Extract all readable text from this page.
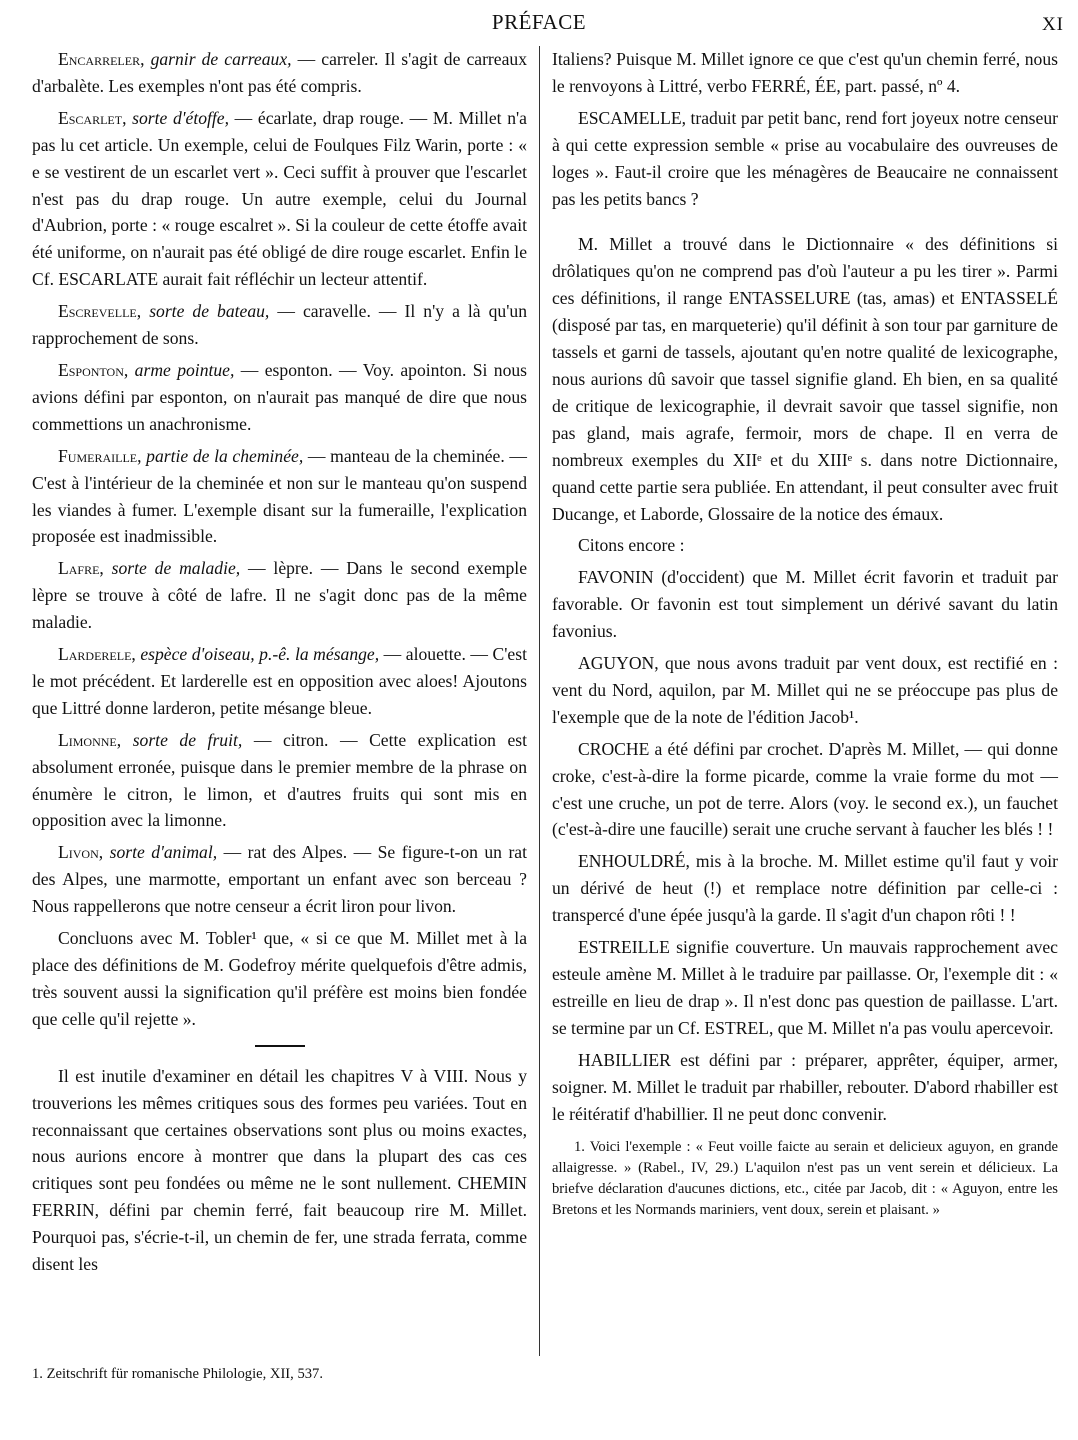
PRÉFACE	XI

Encarreler, garnir de carreaux, — carreler. Il s'agit de carreaux d'arbalète. Les exemples n'ont pas été compris.

Escarlet, sorte d'étoffe, — écarlate, drap rouge. — M. Millet n'a pas lu cet article. Un exemple, celui de Foulques Filz Warin, porte : « e se vestirent de un escarlet vert ». Ceci suffit à prouver que l'escarlet n'est pas du drap rouge. Un autre exemple, celui du Journal d'Aubrion, porte : « rouge escalret ». Si la couleur de cette étoffe avait été uniforme, on n'aurait pas été obligé de dire rouge escarlet. Enfin le Cf. ESCARLATE aurait fait réfléchir un lecteur attentif.

Escrevelle, sorte de bateau, — caravelle. — Il n'y a là qu'un rapprochement de sons.

Esponton, arme pointue, — esponton. — Voy. apointon. Si nous avions défini par esponton, on n'aurait pas manqué de dire que nous commettions un anachronisme.

Fumeraille, partie de la cheminée, — manteau de la cheminée. — C'est à l'intérieur de la cheminée et non sur le manteau qu'on suspend les viandes à fumer. L'exemple disant sur la fumeraille, l'explication proposée est inadmissible.

Lafre, sorte de maladie, — lèpre. — Dans le second exemple lèpre se trouve à côté de lafre. Il ne s'agit donc pas de la même maladie.

Larderele, espèce d'oiseau, p.-ê. la mésange, — alouette. — C'est le mot précédent. Et larderelle est en opposition avec aloes! Ajoutons que Littré donne larderon, petite mésange bleue.

Limonne, sorte de fruit, — citron. — Cette explication est absolument erronée, puisque dans le premier membre de la phrase on énumère le citron, le limon, et d'autres fruits qui sont mis en opposition avec la limonne.

Livon, sorte d'animal, — rat des Alpes. — Se figure-t-on un rat des Alpes, une marmotte, emportant un enfant avec son berceau ? Nous rappellerons que notre censeur a écrit liron pour livon.

Concluons avec M. Tobler¹ que, « si ce que M. Millet met à la place des définitions de M. Godefroy mérite quelquefois d'être admis, très souvent aussi la signification qu'il préfère est moins bien fondée que celle qu'il rejette ».

Il est inutile d'examiner en détail les chapitres V à VIII. Nous y trouverions les mêmes critiques sous des formes peu variées. Tout en reconnaissant que certaines observations sont plus ou moins exactes, nous aurions encore à montrer que dans la plupart des cas ces critiques sont peu fondées ou même ne le sont nullement. CHEMIN FERRIN, défini par chemin ferré, fait beaucoup rire M. Millet. Pourquoi pas, s'écrie-t-il, un chemin de fer, une strada ferrata, comme disent les

1. Zeitschrift für romanische Philologie, XII, 537.

Italiens? Puisque M. Millet ignore ce que c'est qu'un chemin ferré, nous le renvoyons à Littré, verbo FERRÉ, ÉE, part. passé, nº 4.

ESCAMELLE, traduit par petit banc, rend fort joyeux notre censeur à qui cette expression semble « prise au vocabulaire des ouvreuses de loges ». Faut-il croire que les ménagères de Beaucaire ne connaissent pas les petits bancs ?

M. Millet a trouvé dans le Dictionnaire « des définitions si drôlatiques qu'on ne comprend pas d'où l'auteur a pu les tirer ». Parmi ces définitions, il range ENTASSELURE (tas, amas) et ENTASSELÉ (disposé par tas, en marqueterie) qu'il définit à son tour par garniture de tassels et garni de tassels, ajoutant qu'en notre qualité de lexicographe, nous aurions dû savoir que tassel signifie gland. Eh bien, en sa qualité de critique de lexicographie, il devrait savoir que tassel signifie, non pas gland, mais agrafe, fermoir, mors de chape. Il en verra de nombreux exemples du XIIᵉ et du XIIIᵉ s. dans notre Dictionnaire, quand cette partie sera publiée. En attendant, il peut consulter avec fruit Ducange, et Laborde, Glossaire de la notice des émaux.

Citons encore :

FAVONIN (d'occident) que M. Millet écrit favorin et traduit par favorable. Or favonin est tout simplement un dérivé savant du latin favonius.

AGUYON, que nous avons traduit par vent doux, est rectifié en : vent du Nord, aquilon, par M. Millet qui ne se préoccupe pas plus de l'exemple que de la note de l'édition Jacob¹.

CROCHE a été défini par crochet. D'après M. Millet, — qui donne croke, c'est-à-dire la forme picarde, comme la vraie forme du mot — c'est une cruche, un pot de terre. Alors (voy. le second ex.), un fauchet (c'est-à-dire une faucille) serait une cruche servant à faucher les blés ! !

ENHOULDRÉ, mis à la broche. M. Millet estime qu'il faut y voir un dérivé de heut (!) et remplace notre définition par celle-ci : transpercé d'une épée jusqu'à la garde. Il s'agit d'un chapon rôti ! !

ESTREILLE signifie couverture. Un mauvais rapprochement avec esteule amène M. Millet à le traduire par paillasse. Or, l'exemple dit : « estreille en lieu de drap ». Il n'est donc pas question de paillasse. L'art. se termine par un Cf. ESTREL, que M. Millet n'a pas voulu apercevoir.

HABILLIER est défini par : préparer, apprêter, équiper, armer, soigner. M. Millet le traduit par rhabiller, rebouter. D'abord rhabiller est le réitératif d'habillier. Il ne peut donc convenir.

1. Voici l'exemple : « Feut voille faicte au serain et delicieux aguyon, en grande allaigresse. » (Rabel., IV, 29.) L'aquilon n'est pas un vent serein et délicieux. La briefve déclaration d'aucunes dictions, etc., citée par Jacob, dit : « Aguyon, entre les Bretons et les Normands mariniers, vent doux, serein et plaisant. »
